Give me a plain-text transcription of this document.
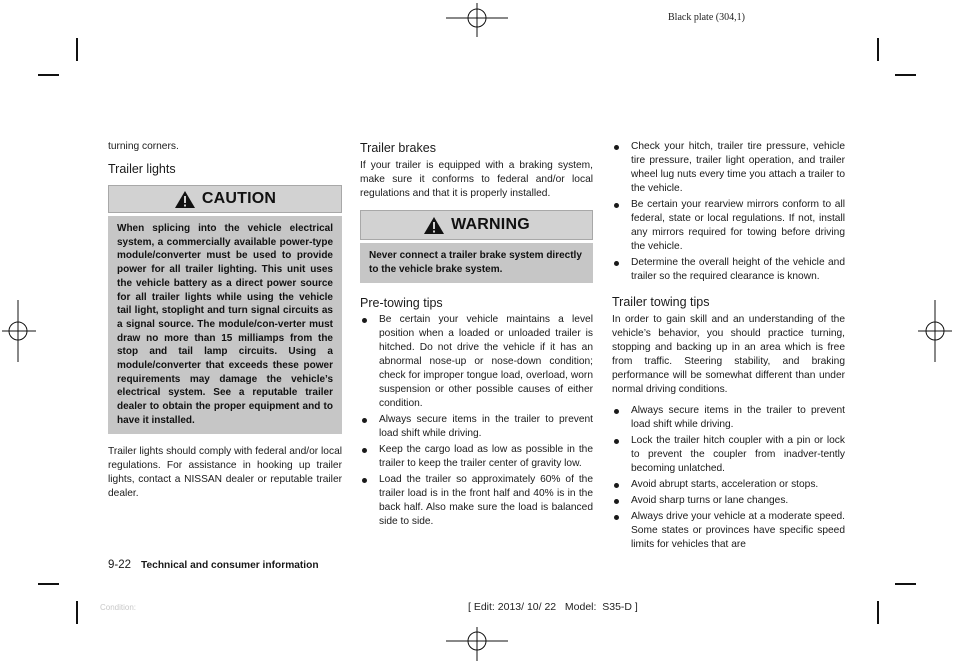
Black plate (304,1)

turning corners.

Trailer lights
CAUTION

When splicing into the vehicle electrical system, a commercially available power-type module/converter must be used to provide power for all trailer lighting. This unit uses the vehicle battery as a direct power source for all trailer lights while using the vehicle tail light, stoplight and turn signal circuits as a signal source. The module/con-verter must draw no more than 15 milliamps from the stop and tail lamp circuits. Using a module/converter that exceeds these power requirements may damage the vehicle’s electrical system. See a reputable trailer dealer to obtain the proper equipment and to have it installed.

Trailer lights should comply with federal and/or local regulations. For assistance in hooking up trailer lights, contact a NISSAN dealer or reputable trailer dealer.

Trailer brakes

If your trailer is equipped with a braking system, make sure it conforms to federal and/or local regulations and that it is properly installed.

WARNING

Never connect a trailer brake system directly to the vehicle brake system.

Pre-towing tips
Be certain your vehicle maintains a level position when a loaded or unloaded trailer is hitched. Do not drive the vehicle if it has an abnormal nose-up or nose-down condition; check for improper tongue load, overload, worn suspension or other possible causes of either condition.
Always secure items in the trailer to prevent load shift while driving.
Keep the cargo load as low as possible in the trailer to keep the trailer center of gravity low.
Load the trailer so approximately 60% of the trailer load is in the front half and 40% is in the back half. Also make sure the load is balanced side to side.
Check your hitch, trailer tire pressure, vehicle tire pressure, trailer light operation, and trailer wheel lug nuts every time you attach a trailer to the vehicle.
Be certain your rearview mirrors conform to all federal, state or local regulations. If not, install any mirrors required for towing before driving the vehicle.
Determine the overall height of the vehicle and trailer so the required clearance is known.
Trailer towing tips

In order to gain skill and an understanding of the vehicle’s behavior, you should practice turning, stopping and backing up in an area which is free from traffic. Steering stability, and braking performance will be somewhat different than under normal driving conditions.

Always secure items in the trailer to prevent load shift while driving.
Lock the trailer hitch coupler with a pin or lock to prevent the coupler from inadver-tently becoming unlatched.
Avoid abrupt starts, acceleration or stops.
Avoid sharp turns or lane changes.
Always drive your vehicle at a moderate speed. Some states or provinces have specific speed limits for vehicles that are
9-22 Technical and consumer information
Condition:	[ Edit: 2013/ 10/ 22   Model:  S35-D ]
